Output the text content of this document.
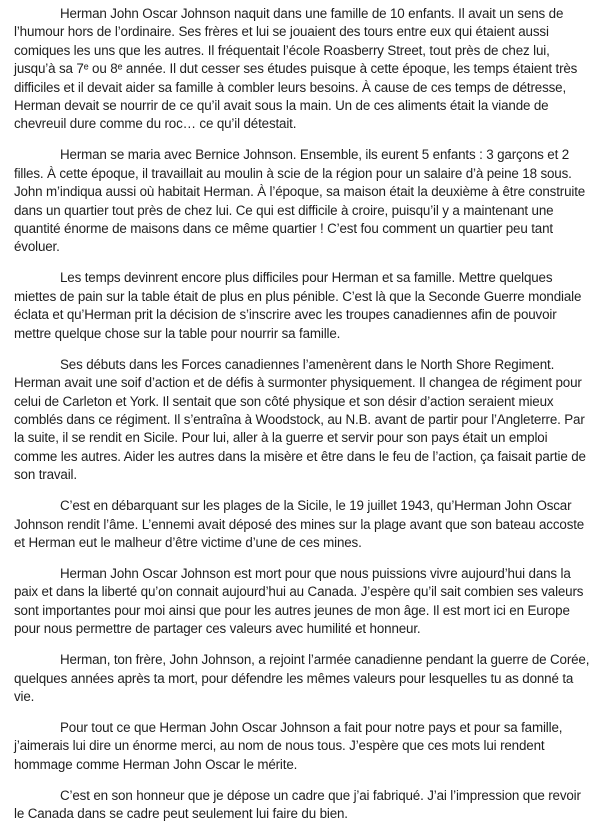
Herman John Oscar Johnson naquit dans une famille de 10 enfants. Il avait un sens de l’humour hors de l’ordinaire. Ses frères et lui se jouaient des tours entre eux qui étaient aussi comiques les uns que les autres. Il fréquentait l’école Roasberry Street, tout près de chez lui, jusqu’à sa 7ᵉ ou 8ᵉ année. Il dut cesser ses études puisque à cette époque, les temps étaient très difficiles et il devait aider sa famille à combler leurs besoins. À cause de ces temps de détresse, Herman devait se nourrir de ce qu’il avait sous la main. Un de ces aliments était la viande de chevreuil dure comme du roc… ce qu’il détestait.

Herman se maria avec Bernice Johnson. Ensemble, ils eurent 5 enfants : 3 garçons et 2 filles. À cette époque, il travaillait au moulin à scie de la région pour un salaire d’à peine 18 sous. John m’indiqua aussi où habitait Herman. À l’époque, sa maison était la deuxième à être construite dans un quartier tout près de chez lui. Ce qui est difficile à croire, puisqu’il y a maintenant une quantité énorme de maisons dans ce même quartier ! C’est fou comment un quartier peu tant évoluer.

Les temps devinrent encore plus difficiles pour Herman et sa famille. Mettre quelques miettes de pain sur la table était de plus en plus pénible. C’est là que la Seconde Guerre mondiale éclata et qu’Herman prit la décision de s’inscrire avec les troupes canadiennes afin de pouvoir mettre quelque chose sur la table pour nourrir sa famille.

Ses débuts dans les Forces canadiennes l’amenèrent dans le North Shore Regiment. Herman avait une soif d’action et de défis à surmonter physiquement. Il changea de régiment pour celui de Carleton et York. Il sentait que son côté physique et son désir d’action seraient mieux comblés dans ce régiment. Il s’entraîna à Woodstock, au N.B. avant de partir pour l’Angleterre. Par la suite, il se rendit en Sicile. Pour lui, aller à la guerre et servir pour son pays était un emploi comme les autres. Aider les autres dans la misère et être dans le feu de l’action, ça faisait partie de son travail.

C’est en débarquant sur les plages de la Sicile, le 19 juillet 1943, qu’Herman John Oscar Johnson rendit l’âme. L’ennemi avait déposé des mines sur la plage avant que son bateau accoste et Herman eut le malheur d’être victime d’une de ces mines.

Herman John Oscar Johnson est mort pour que nous puissions vivre aujourd’hui dans la paix et dans la liberté qu’on connait aujourd’hui au Canada. J’espère qu’il sait combien ses valeurs sont importantes pour moi ainsi que pour les autres jeunes de mon âge. Il est mort ici en Europe pour nous permettre de partager ces valeurs avec humilité et honneur.

Herman, ton frère, John Johnson, a rejoint l’armée canadienne pendant la guerre de Corée, quelques années après ta mort, pour défendre les mêmes valeurs pour lesquelles tu as donné ta vie.

Pour tout ce que Herman John Oscar Johnson a fait pour notre pays et pour sa famille, j’aimerais lui dire un énorme merci, au nom de nous tous. J’espère que ces mots lui rendent hommage comme Herman John Oscar le mérite.

C’est en son honneur que je dépose un cadre que j’ai fabriqué. J’ai l’impression que revoir le Canada dans se cadre peut seulement lui faire du bien.
